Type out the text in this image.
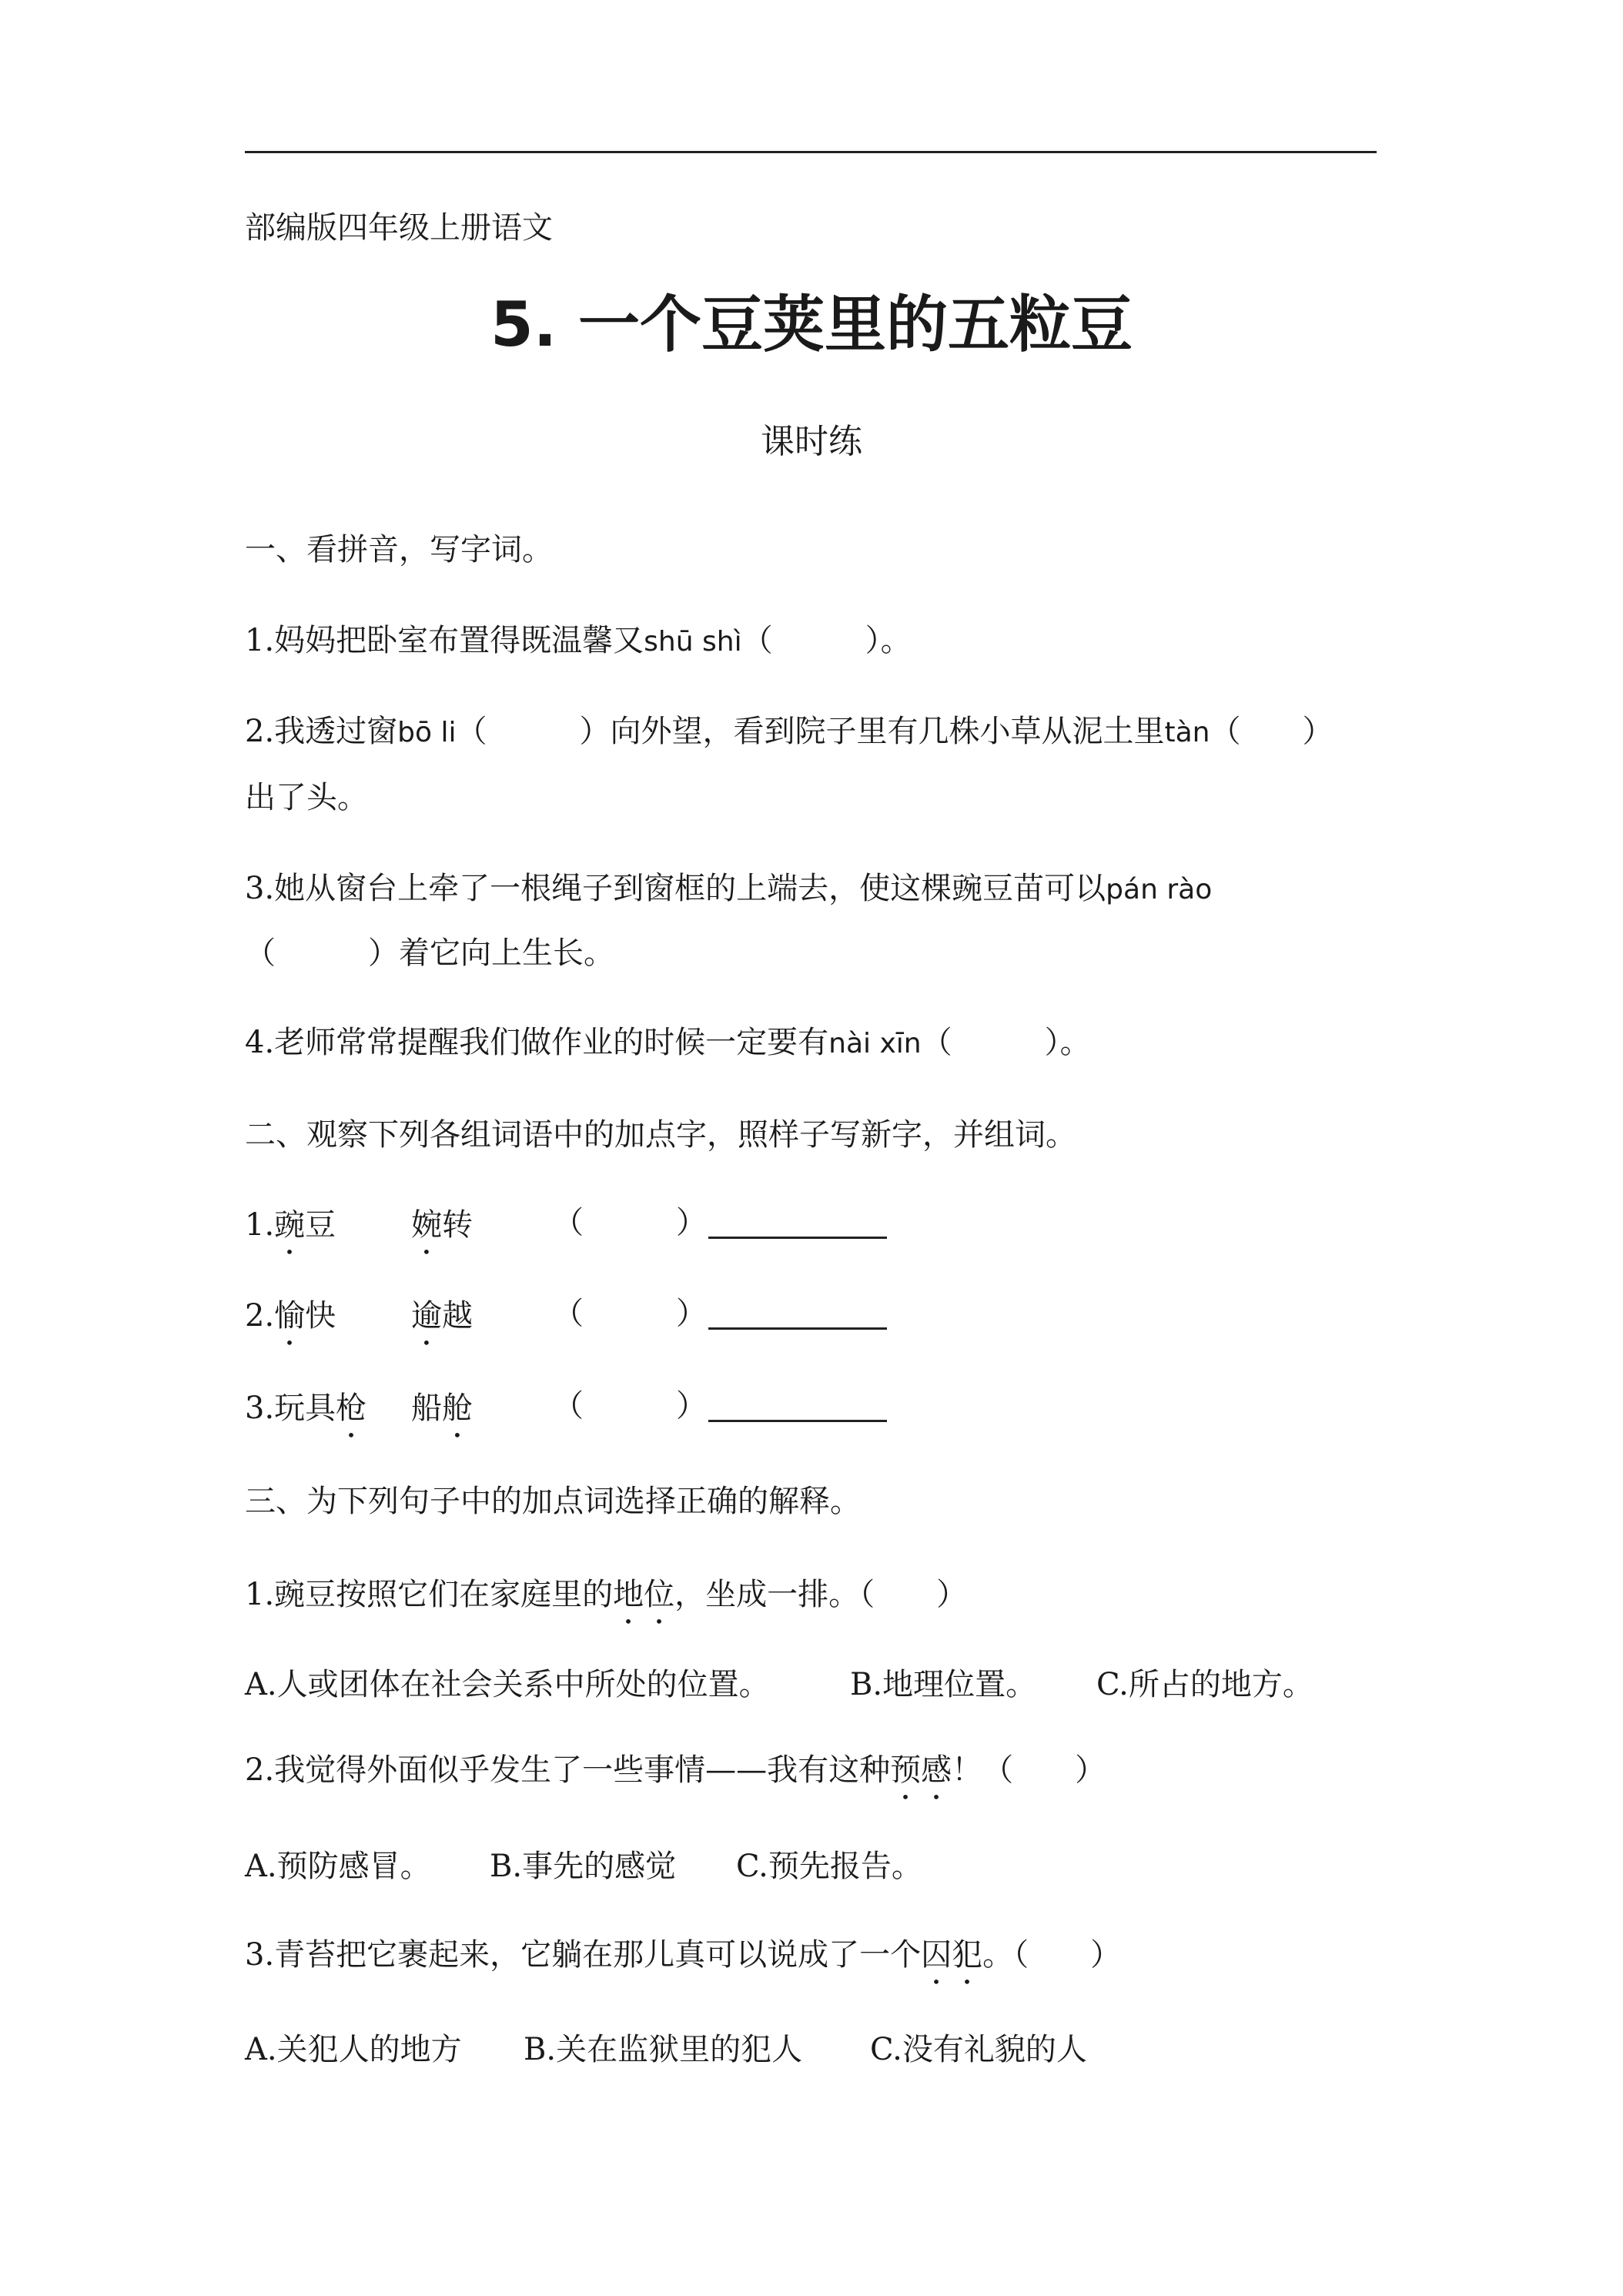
部编版四年级上册语文
5. 一个豆荚里的五粒豆
课时练
一、看拼音，写字词。
1.妈妈把卧室布置得既温馨又shū shì（　　　）。
2.我透过窗bō li（　　　）向外望，看到院子里有几株小草从泥土里tàn（　　）
出了头。
3.她从窗台上牵了一根绳子到窗框的上端去，使这棵豌豆苗可以pán rào
（　　　）着它向上生长。
4.老师常常提醒我们做作业的时候一定要有nài xīn（　　　）。
二、观察下列各组词语中的加点字，照样子写新字，并组词。
1.豌豆 婉转	（　　　）
2.愉快 逾越	（　　　）
3.玩具枪 船舱	（　　　）
三、为下列句子中的加点词选择正确的解释。
1.豌豆按照它们在家庭里的地位，坐成一排。（　　）
A.人或团体在社会关系中所处的位置。	B.地理位置。 C.所占的地方。
2.我觉得外面似乎发生了一些事情——我有这种预感！（　　）
A.预防感冒。 B.事先的感觉 C.预先报告。
3.青苔把它裹起来，它躺在那儿真可以说成了一个囚犯。（　　）
A.关犯人的地方 B.关在监狱里的犯人 C.没有礼貌的人
